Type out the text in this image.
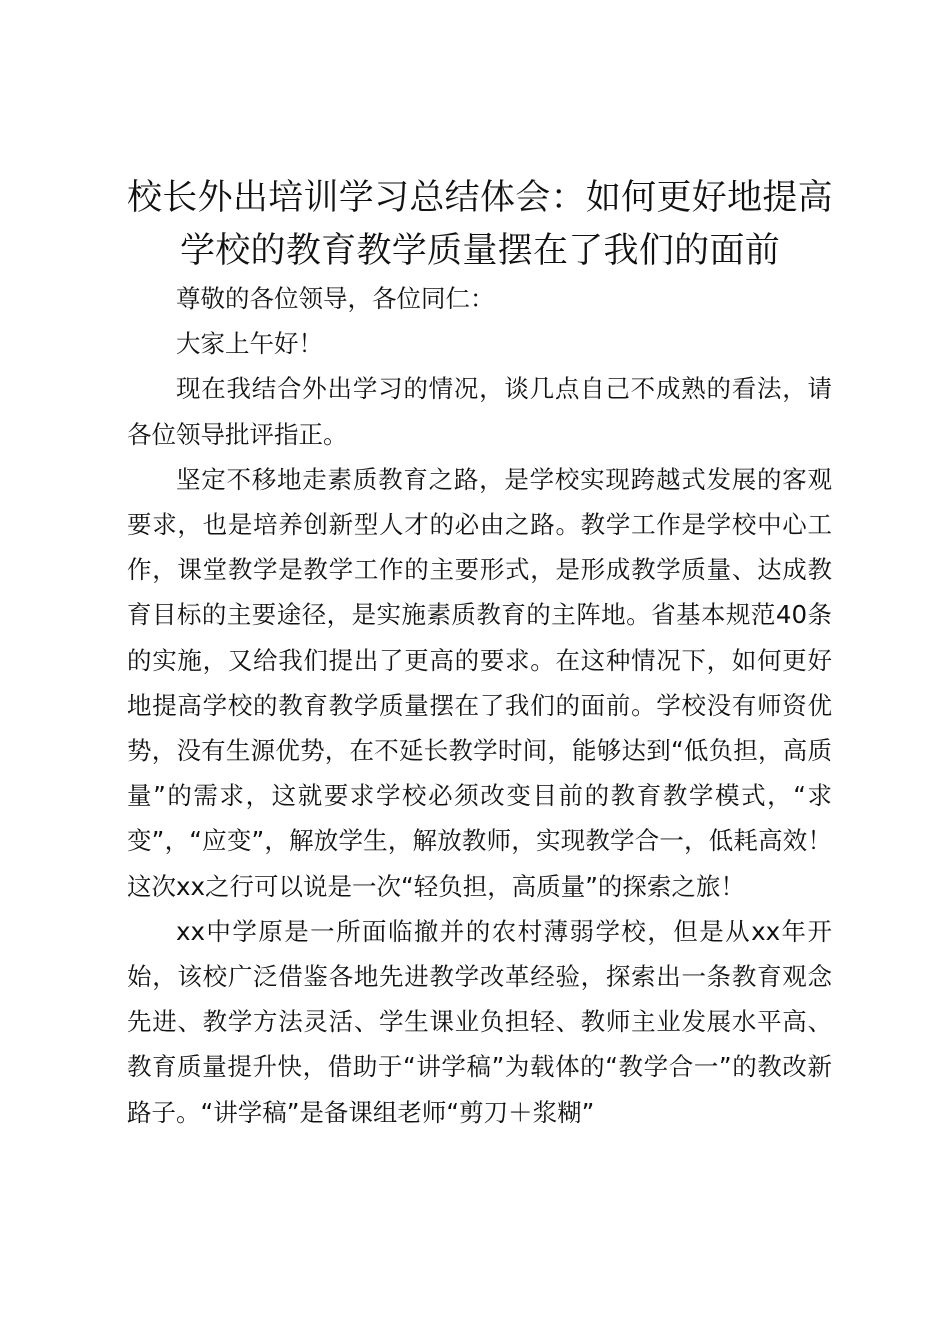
校长外出培训学习总结体会：如何更好地提高
学校的教育教学质量摆在了我们的面前

尊敬的各位领导，各位同仁：

大家上午好！

现在我结合外出学习的情况，谈几点自己不成熟的看法，请各位领导批评指正。

坚定不移地走素质教育之路，是学校实现跨越式发展的客观要求，也是培养创新型人才的必由之路。教学工作是学校中心工作，课堂教学是教学工作的主要形式，是形成教学质量、达成教育目标的主要途径，是实施素质教育的主阵地。省基本规范40条的实施，又给我们提出了更高的要求。在这种情况下，如何更好地提高学校的教育教学质量摆在了我们的面前。学校没有师资优势，没有生源优势，在不延长教学时间，能够达到“低负担，高质量”的需求，这就要求学校必须改变目前的教育教学模式，“求变”，“应变”，解放学生，解放教师，实现教学合一，低耗高效！这次xx之行可以说是一次“轻负担，高质量”的探索之旅！

xx中学原是一所面临撤并的农村薄弱学校，但是从xx年开始，该校广泛借鉴各地先进教学改革经验，探索出一条教育观念先进、教学方法灵活、学生课业负担轻、教师主业发展水平高、教育质量提升快，借助于“讲学稿”为载体的“教学合一”的教改新路子。“讲学稿”是备课组老师“剪刀＋浆糊”
